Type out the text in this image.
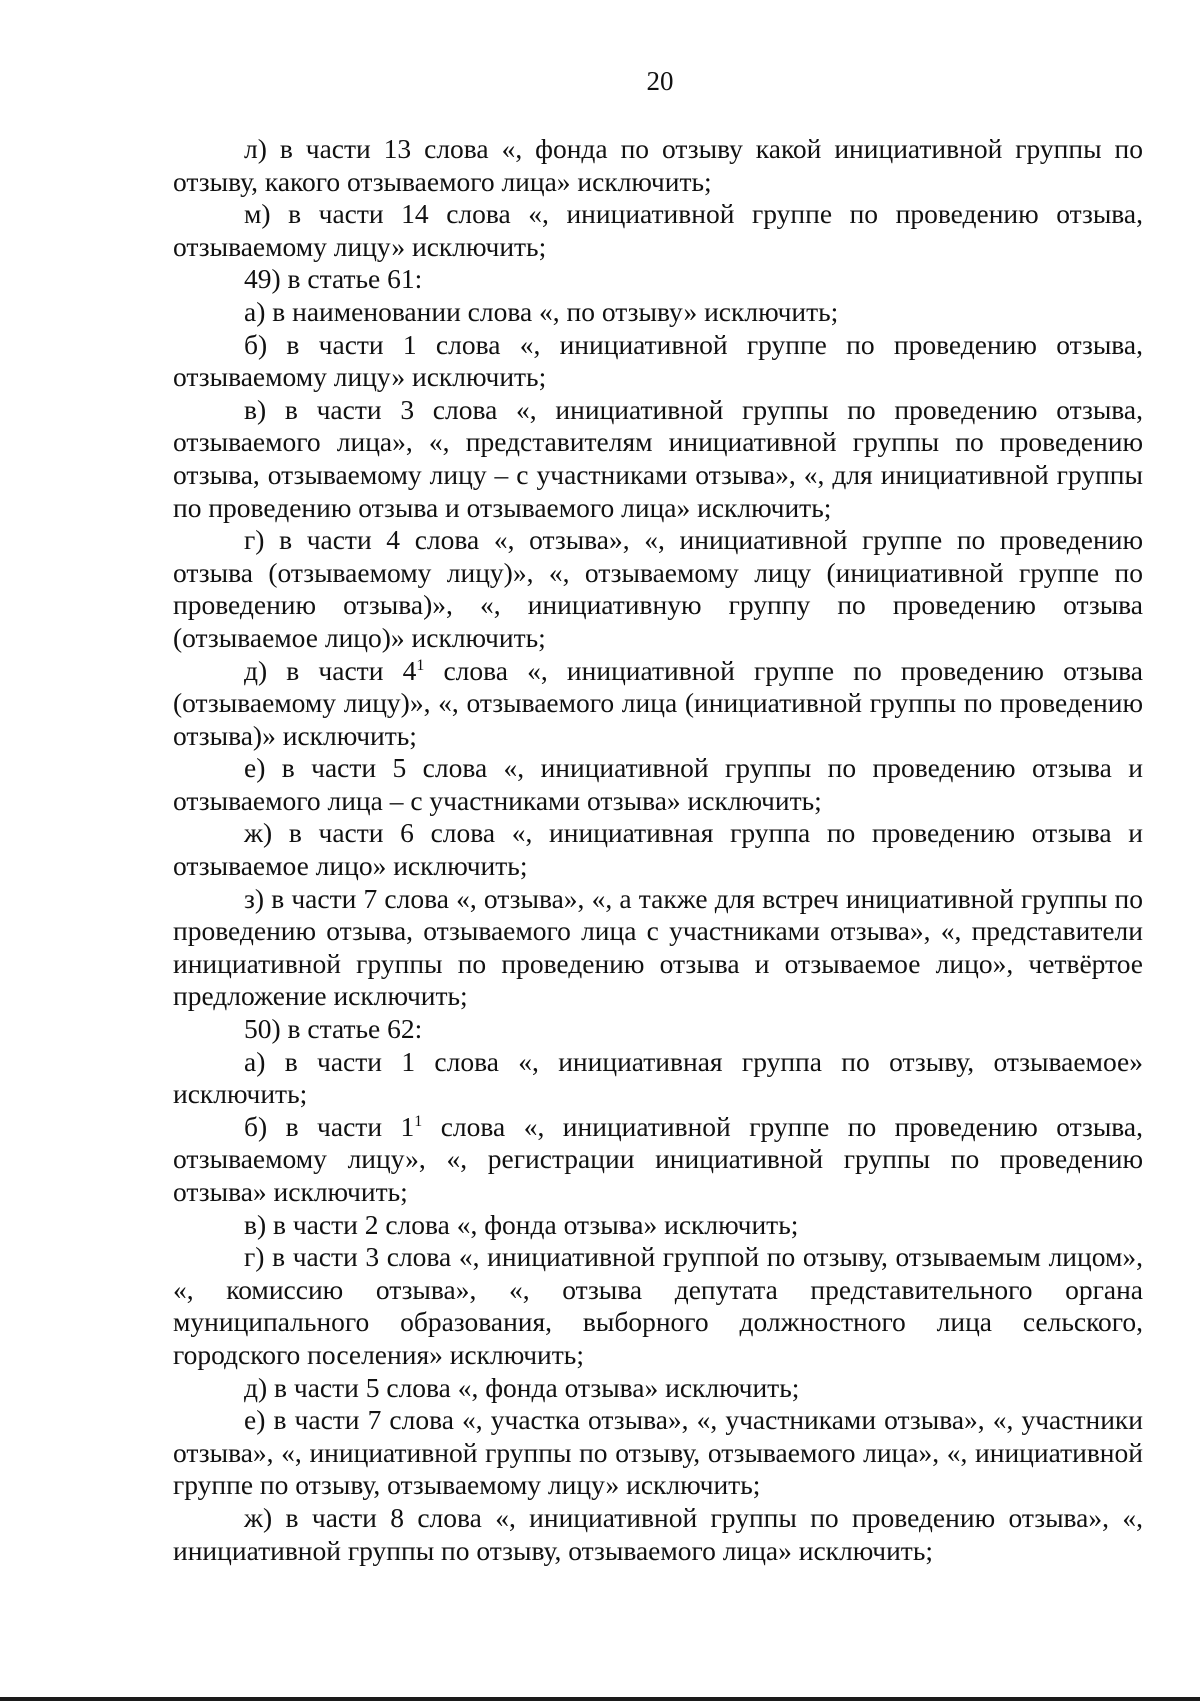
20

л) в части 13 слова «, фонда по отзыву какой инициативной группы по отзыву, какого отзываемого лица» исключить;

м) в части 14 слова «, инициативной группе по проведению отзыва, отзываемому лицу» исключить;

49) в статье 61:

а) в наименовании слова «, по отзыву» исключить;

б) в части 1 слова «, инициативной группе по проведению отзыва, отзываемому лицу» исключить;

в) в части 3 слова «, инициативной группы по проведению отзыва, отзываемого лица», «, представителям инициативной группы по проведению отзыва, отзываемому лицу – с участниками отзыва», «, для инициативной группы по проведению отзыва и отзываемого лица» исключить;

г) в части 4 слова «, отзыва», «, инициативной группе по проведению отзыва (отзываемому лицу)», «, отзываемому лицу (инициативной группе по проведению отзыва)», «, инициативную группу по проведению отзыва (отзываемое лицо)» исключить;

д) в части $4^1$ слова «, инициативной группе по проведению отзыва (отзываемому лицу)», «, отзываемого лица (инициативной группы по проведению отзыва)» исключить;

е) в части 5 слова «, инициативной группы по проведению отзыва и отзываемого лица – с участниками отзыва» исключить;

ж) в части 6 слова «, инициативная группа по проведению отзыва и отзываемое лицо» исключить;

з) в части 7 слова «, отзыва», «, а также для встреч инициативной группы по проведению отзыва, отзываемого лица с участниками отзыва», «, представители инициативной группы по проведению отзыва и отзываемое лицо», четвёртое предложение исключить;

50) в статье 62:

а) в части 1 слова «, инициативная группа по отзыву, отзываемое» исключить;

б) в части $1^1$ слова «, инициативной группе по проведению отзыва, отзываемому лицу», «, регистрации инициативной группы по проведению отзыва» исключить;

в) в части 2 слова «, фонда отзыва» исключить;

г) в части 3 слова «, инициативной группой по отзыву, отзываемым лицом», «, комиссию отзыва», «, отзыва депутата представительного органа муниципального образования, выборного должностного лица сельского, городского поселения» исключить;

д) в части 5 слова «, фонда отзыва» исключить;

е) в части 7 слова «, участка отзыва», «, участниками отзыва», «, участники отзыва», «, инициативной группы по отзыву, отзываемого лица», «, инициативной группе по отзыву, отзываемому лицу» исключить;

ж) в части 8 слова «, инициативной группы по проведению отзыва», «, инициативной группы по отзыву, отзываемого лица» исключить;
